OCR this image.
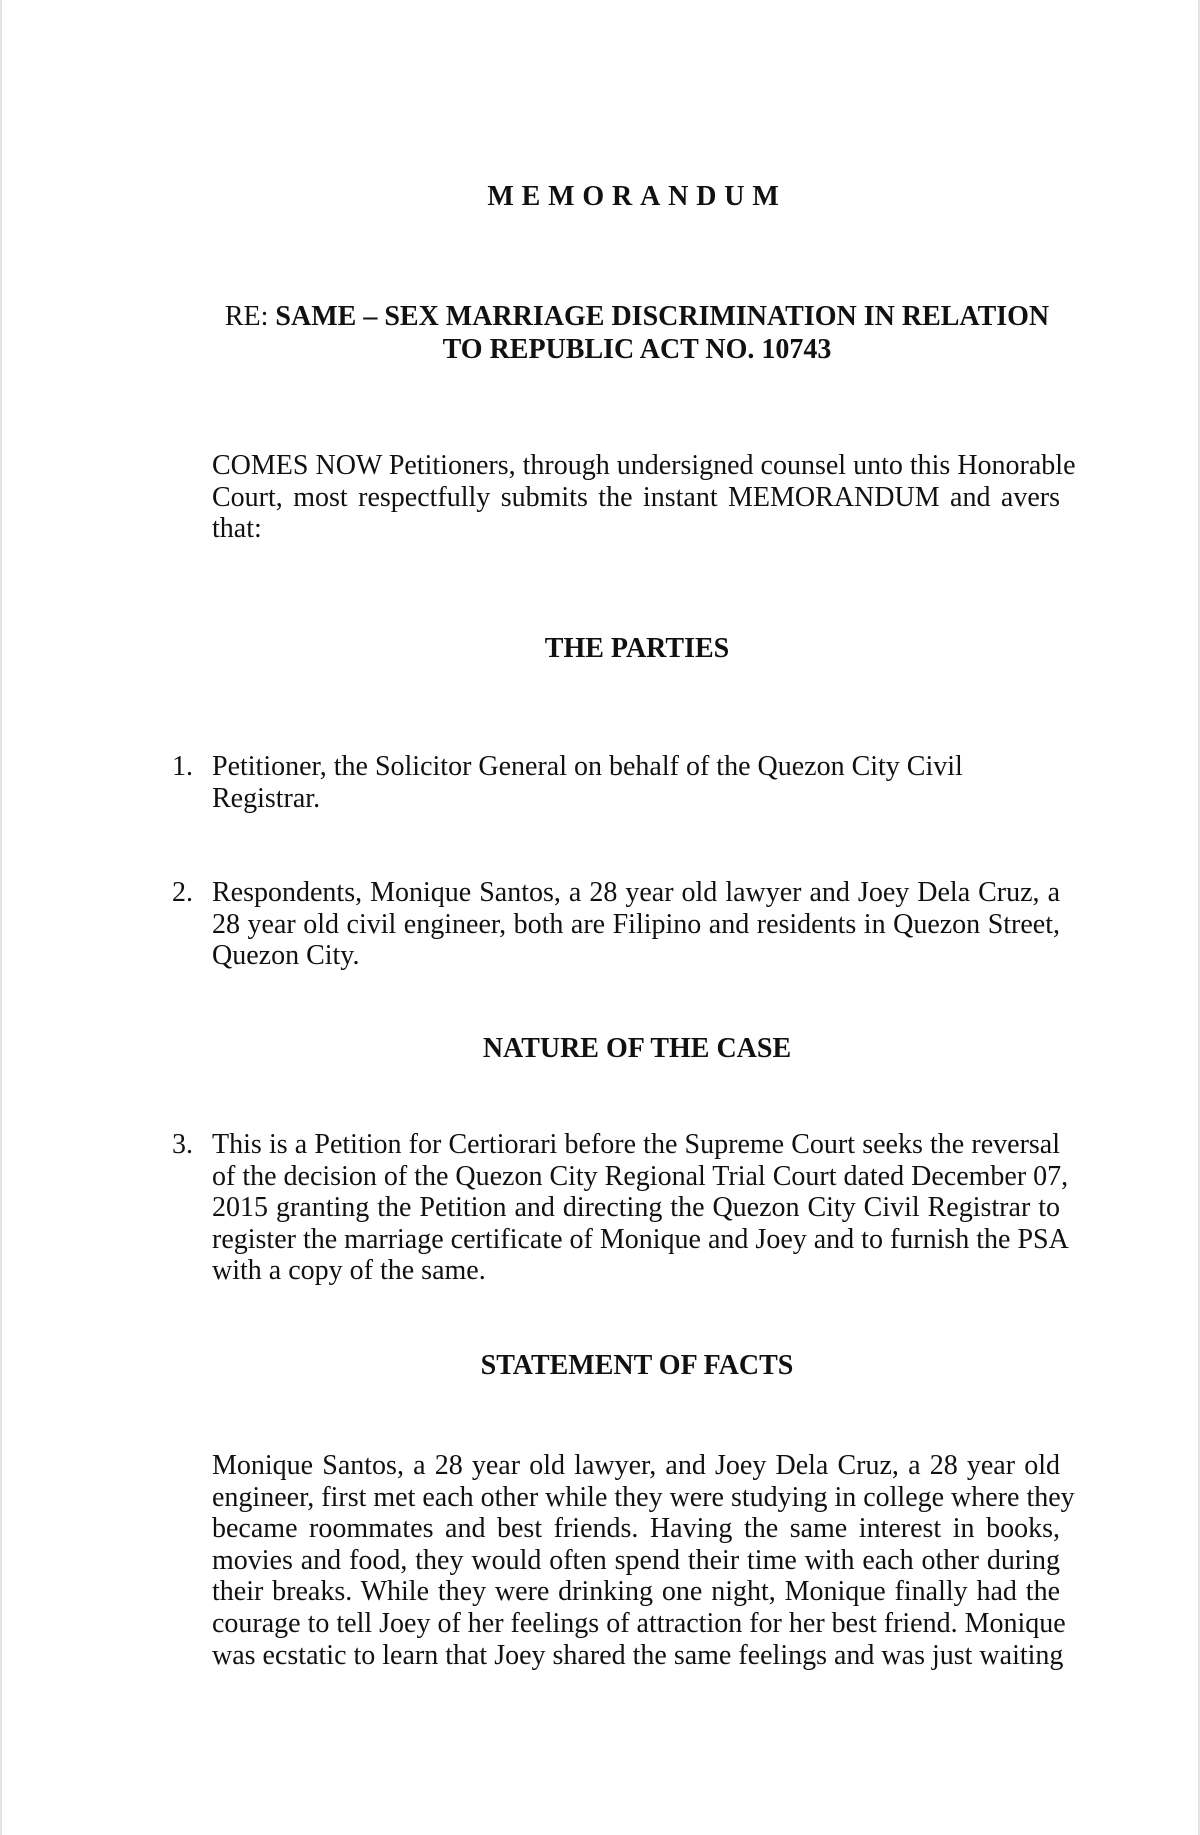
MEMORANDUM
RE: SAME – SEX MARRIAGE DISCRIMINATION IN RELATION
TO REPUBLIC ACT NO. 10743
COMES NOW Petitioners, through undersigned counsel unto this Honorable
Court, most respectfully submits the instant MEMORANDUM and avers
that:
THE PARTIES
1. Petitioner, the Solicitor General on behalf of the Quezon City Civil
Registrar.
2. Respondents, Monique Santos, a 28 year old lawyer and Joey Dela Cruz, a
28 year old civil engineer, both are Filipino and residents in Quezon Street,
Quezon City.
NATURE OF THE CASE
3. This is a Petition for Certiorari before the Supreme Court seeks the reversal
of the decision of the Quezon City Regional Trial Court dated December 07,
2015 granting the Petition and directing the Quezon City Civil Registrar to
register the marriage certificate of Monique and Joey and to furnish the PSA
with a copy of the same.
STATEMENT OF FACTS
Monique Santos, a 28 year old lawyer, and Joey Dela Cruz, a 28 year old
engineer, first met each other while they were studying in college where they
became roommates and best friends. Having the same interest in books,
movies and food, they would often spend their time with each other during
their breaks. While they were drinking one night, Monique finally had the
courage to tell Joey of her feelings of attraction for her best friend. Monique
was ecstatic to learn that Joey shared the same feelings and was just waiting
